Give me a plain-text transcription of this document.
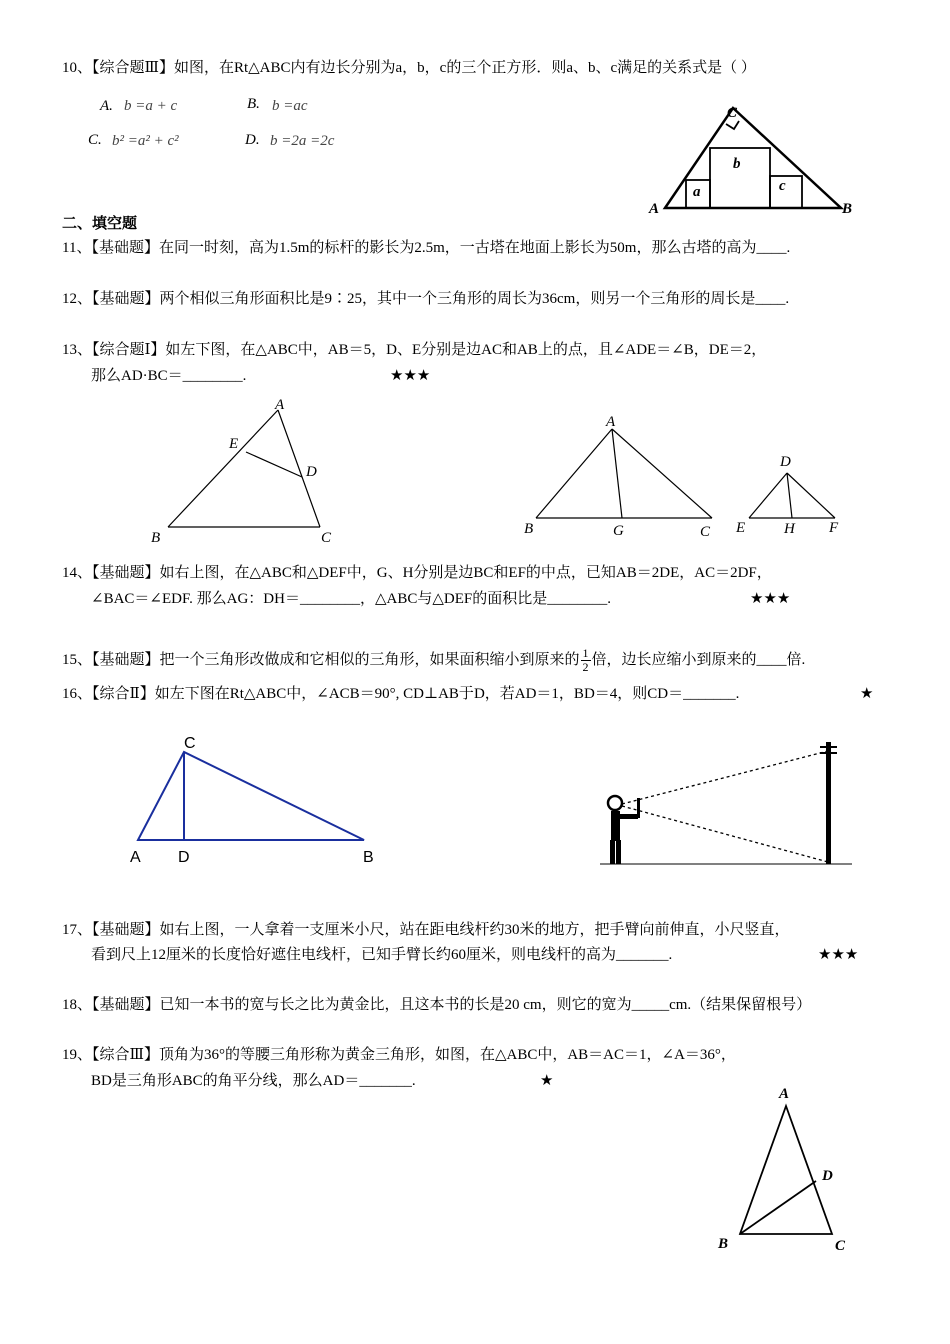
10、【综合题Ⅲ】如图，在Rt△ABC内有边长分别为a，b，c的三个正方形．则a、b、c满足的关系式是（ ）
A. b =a + c	B. b =ac
C. b² =a² + c²	D. b =2a =2c
C
A	B
b
a	c
二、填空题
11、【基础题】在同一时刻，高为1.5m的标杆的影长为2.5m，一古塔在地面上影长为50m，那么古塔的高为____.
12、【基础题】两个相似三角形面积比是9∶25，其中一个三角形的周长为36cm，则另一个三角形的周长是____.
13、【综合题Ⅰ】如左下图，在△ABC中，AB＝5，D、E分别是边AC和AB上的点，且∠ADE＝∠B，DE＝2，
那么AD·BC＝________.	★★★
A
E
D
B	C
A
B	G	C
D
E	H F
14、【基础题】如右上图，在△ABC和△DEF中，G、H分别是边BC和EF的中点，已知AB＝2DE，AC＝2DF，
∠BAC＝∠EDF. 那么AG：DH＝________，△ABC与△DEF的面积比是________.	★★★
15、【基础题】把一个三角形改做成和它相似的三角形，如果面积缩小到原来的 $\frac{1}{2}$ 倍，边长应缩小到原来的____倍.
16、【综合Ⅱ】如左下图在Rt△ABC中，∠ACB＝90°, CD⊥AB于D，若AD＝1，BD＝4，则CD＝_______.	★
C
A D	B
17、【基础题】如右上图，一人拿着一支厘米小尺，站在距电线杆约30米的地方，把手臂向前伸直，小尺竖直，
看到尺上12厘米的长度恰好遮住电线杆，已知手臂长约60厘米，则电线杆的高为_______.	★★★
18、【基础题】已知一本书的宽与长之比为黄金比，且这本书的长是20 cm，则它的宽为_____cm.（结果保留根号）
19、【综合Ⅲ】顶角为36°的等腰三角形称为黄金三角形，如图，在△ABC中，AB＝AC＝1，∠A＝36°，
BD是三角形ABC的角平分线，那么AD＝_______.	★
A
D
B	C
